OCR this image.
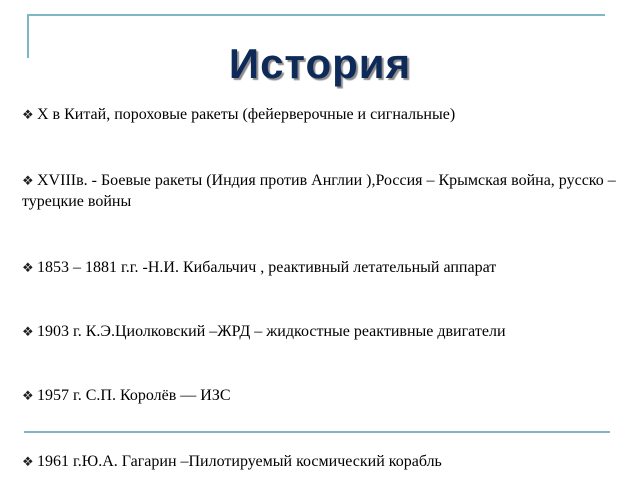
История
❖ X в Китай, пороховые ракеты (фейерверочные и сигнальные)
❖ XVIIIв. - Боевые ракеты (Индия против Англии ),Россия – Крымская война, русско – турецкие войны
❖ 1853 – 1881 г.г. -Н.И. Кибальчич , реактивный летательный аппарат
❖ 1903 г. К.Э.Циолковский –ЖРД – жидкостные реактивные двигатели
❖ 1957 г. С.П. Королёв — ИЗС
❖ 1961 г.Ю.А. Гагарин –Пилотируемый космический корабль
